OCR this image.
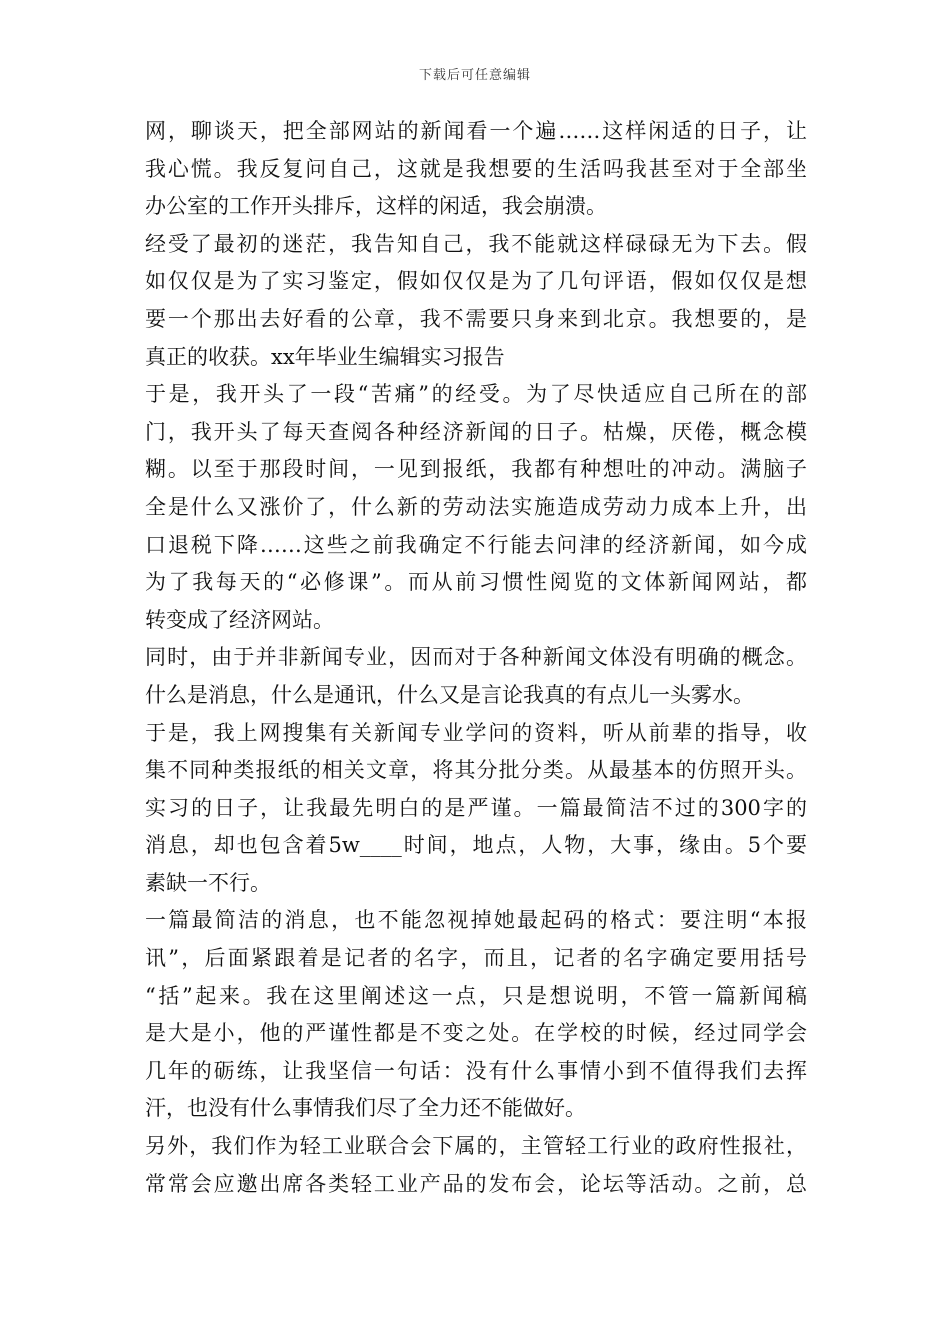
下载后可任意编辑
网，聊谈天，把全部网站的新闻看一个遍……这样闲适的日子，让
我心慌。我反复问自己，这就是我想要的生活吗我甚至对于全部坐
办公室的工作开头排斥，这样的闲适，我会崩溃。
经受了最初的迷茫，我告知自己，我不能就这样碌碌无为下去。假
如仅仅是为了实习鉴定，假如仅仅是为了几句评语，假如仅仅是想
要一个那出去好看的公章，我不需要只身来到北京。我想要的，是
真正的收获。xx年毕业生编辑实习报告
于是，我开头了一段“苦痛”的经受。为了尽快适应自己所在的部
门，我开头了每天查阅各种经济新闻的日子。枯燥，厌倦，概念模
糊。以至于那段时间，一见到报纸，我都有种想吐的冲动。满脑子
全是什么又涨价了，什么新的劳动法实施造成劳动力成本上升，出
口退税下降……这些之前我确定不行能去问津的经济新闻，如今成
为了我每天的“必修课”。而从前习惯性阅览的文体新闻网站，都
转变成了经济网站。
同时，由于并非新闻专业，因而对于各种新闻文体没有明确的概念。
什么是消息，什么是通讯，什么又是言论我真的有点儿一头雾水。
于是，我上网搜集有关新闻专业学问的资料，听从前辈的指导，收
集不同种类报纸的相关文章，将其分批分类。从最基本的仿照开头。
实习的日子，让我最先明白的是严谨。一篇最简洁不过的300字的
消息，却也包含着5w____时间，地点，人物，大事，缘由。5个要
素缺一不行。
一篇最简洁的消息，也不能忽视掉她最起码的格式：要注明“本报
讯”，后面紧跟着是记者的名字，而且，记者的名字确定要用括号
“括”起来。我在这里阐述这一点，只是想说明，不管一篇新闻稿
是大是小，他的严谨性都是不变之处。在学校的时候，经过同学会
几年的砺练，让我坚信一句话：没有什么事情小到不值得我们去挥
汗，也没有什么事情我们尽了全力还不能做好。
另外，我们作为轻工业联合会下属的，主管轻工行业的政府性报社，
常常会应邀出席各类轻工业产品的发布会，论坛等活动。之前，总
